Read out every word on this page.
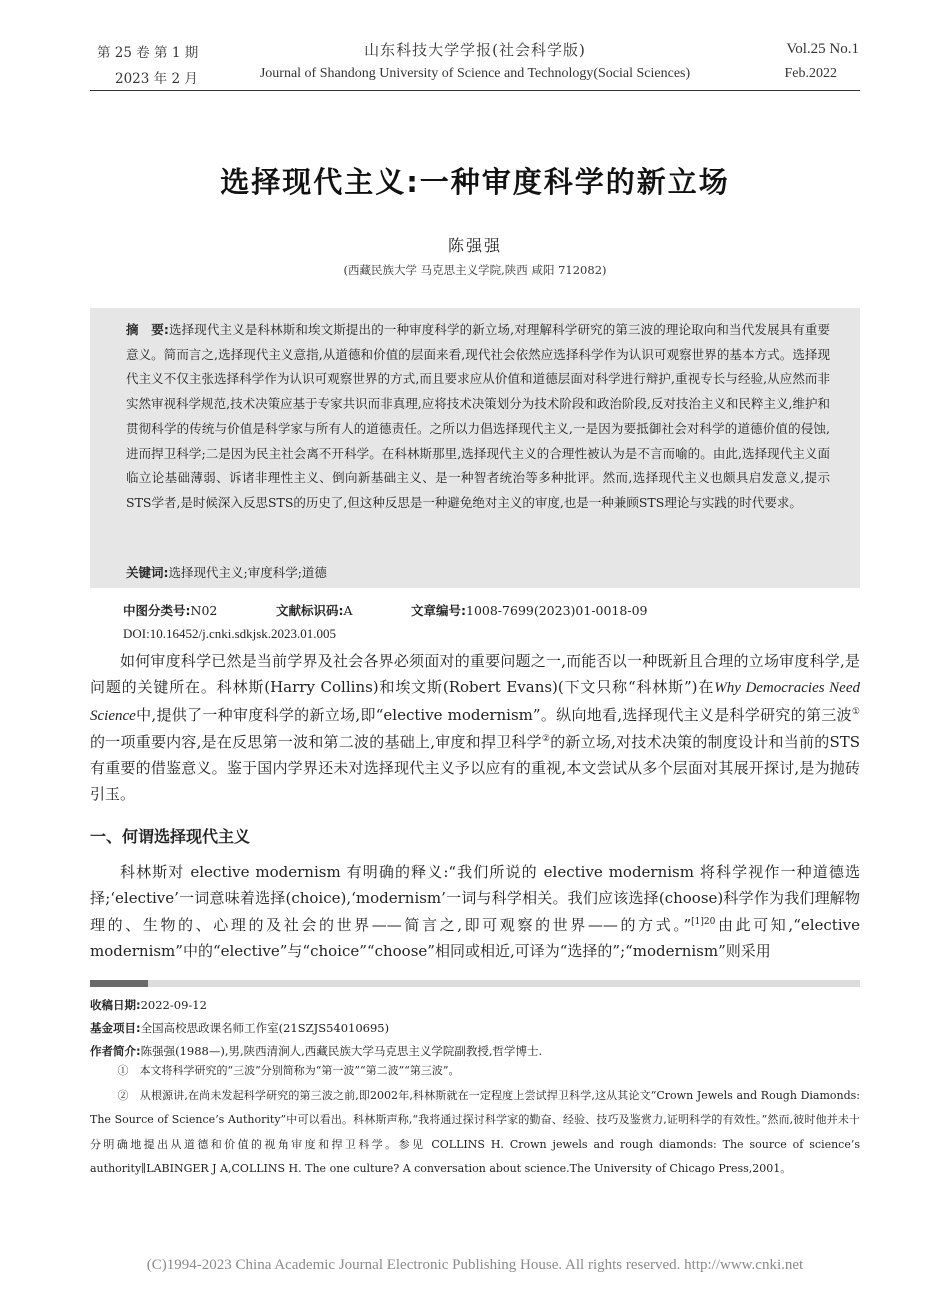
第 25 卷 第 1 期	山东科技大学学报(社会科学版)	Vol.25 No.1
2023 年 2 月	Journal of Shandong University of Science and Technology(Social Sciences)	Feb.2022
选择现代主义:一种审度科学的新立场
陈强强
(西藏民族大学 马克思主义学院,陕西 咸阳 712082)
摘　要:选择现代主义是科林斯和埃文斯提出的一种审度科学的新立场,对理解科学研究的第三波的理论取向和当代发展具有重要意义。简而言之,选择现代主义意指,从道德和价值的层面来看,现代社会依然应选择科学作为认识可观察世界的基本方式。选择现代主义不仅主张选择科学作为认识可观察世界的方式,而且要求应从价值和道德层面对科学进行辩护,重视专长与经验,从应然而非实然审视科学规范,技术决策应基于专家共识而非真理,应将技术决策划分为技术阶段和政治阶段,反对技治主义和民粹主义,维护和贯彻科学的传统与价值是科学家与所有人的道德责任。之所以力倡选择现代主义,一是因为要抵御社会对科学的道德价值的侵蚀,进而捍卫科学;二是因为民主社会离不开科学。在科林斯那里,选择现代主义的合理性被认为是不言而喻的。由此,选择现代主义面临立论基础薄弱、诉诸非理性主义、倒向新基础主义、是一种智者统治等多种批评。然而,选择现代主义也颇具启发意义,提示STS学者,是时候深入反思STS的历史了,但这种反思是一种避免绝对主义的审度,也是一种兼顾STS理论与实践的时代要求。
关键词:选择现代主义;审度科学;道德
中图分类号:N02	文献标识码:A	文章编号:1008-7699(2023)01-0018-09
DOI:10.16452/j.cnki.sdkjsk.2023.01.005

如何审度科学已然是当前学界及社会各界必须面对的重要问题之一,而能否以一种既新且合理的立场审度科学,是问题的关键所在。科林斯(Harry Collins)和埃文斯(Robert Evans)(下文只称“科林斯”)在Why Democracies Need Science中,提供了一种审度科学的新立场,即“elective modernism”。纵向地看,选择现代主义是科学研究的第三波①的一项重要内容,是在反思第一波和第二波的基础上,审度和捍卫科学②的新立场,对技术决策的制度设计和当前的STS有重要的借鉴意义。鉴于国内学界还未对选择现代主义予以应有的重视,本文尝试从多个层面对其展开探讨,是为抛砖引玉。

一、何谓选择现代主义

科林斯对 elective modernism 有明确的释义:“我们所说的 elective modernism 将科学视作一种道德选择;‘elective’一词意味着选择(choice),‘modernism’一词与科学相关。我们应该选择(choose)科学作为我们理解物理的、生物的、心理的及社会的世界——简言之,即可观察的世界——的方式。”$^{[1]20}$由此可知,“elective modernism”中的“elective”与“choice”“choose”相同或相近,可译为“选择的”;“modernism”则采用

收稿日期:2022-09-12
基金项目:全国高校思政课名师工作室(21SZJS54010695)
作者简介:陈强强(1988—),男,陕西清涧人,西藏民族大学马克思主义学院副教授,哲学博士.

①　本文将科学研究的“三波”分别简称为“第一波”“第二波”“第三波”。

②　从根源讲,在尚未发起科学研究的第三波之前,即2002年,科林斯就在一定程度上尝试捍卫科学,这从其论文“Crown Jewels and Rough Diamonds: The Source of Science’s Authority”中可以看出。科林斯声称,“我将通过探讨科学家的勤奋、经验、技巧及鉴赏力,证明科学的有效性。”然而,彼时他并未十分明确地提出从道德和价值的视角审度和捍卫科学。参见 COLLINS H. Crown jewels and rough diamonds: The source of science’s authority∥LABINGER J A,COLLINS H. The one culture? A conversation about science.The University of Chicago Press,2001。

(C)1994-2023 China Academic Journal Electronic Publishing House. All rights reserved. http://www.cnki.net
